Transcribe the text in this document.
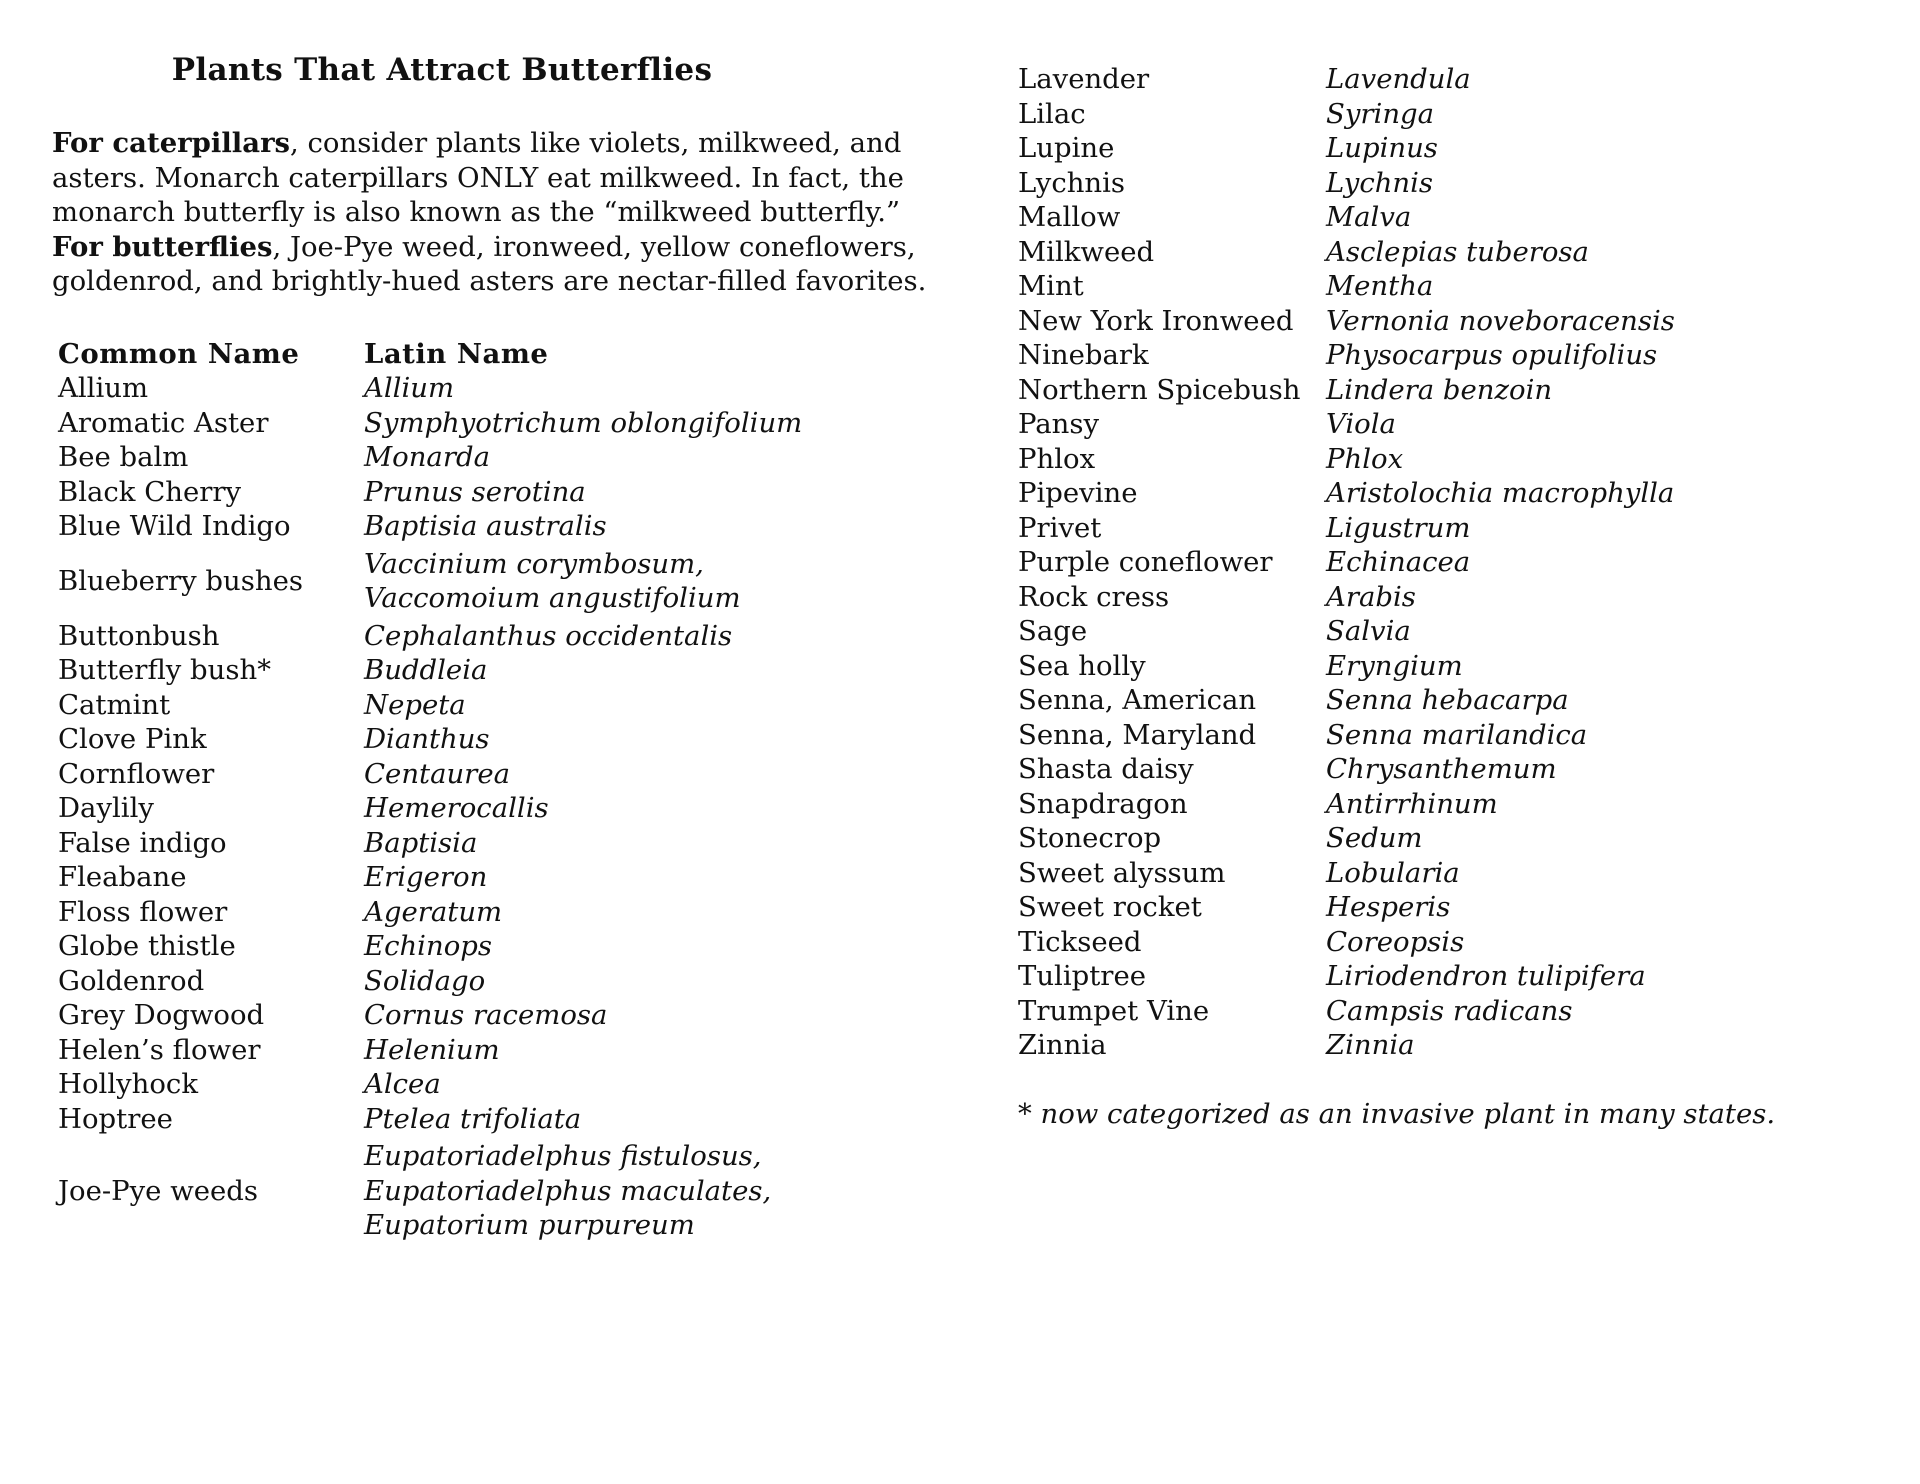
Plants That Attract Butterflies
For caterpillars, consider plants like violets, milkweed, and asters. Monarch caterpillars ONLY eat milkweed. In fact, the monarch butterfly is also known as the “milkweed butterfly.” For butterflies, Joe-Pye weed, ironweed, yellow coneflowers, goldenrod, and brightly-hued asters are nectar-filled favorites.
Common Name	Latin Name
Allium	Allium

Aromatic Aster	Symphyotrichum oblongifolium

Bee balm	Monarda

Black Cherry	Prunus serotina

Blue Wild Indigo	Baptisia australis

Blueberry bushes	Vaccinium corymbosum,
Vaccomoium angustifolium

Buttonbush	Cephalanthus occidentalis

Butterfly bush*	Buddleia

Catmint	Nepeta

Clove Pink	Dianthus

Cornflower	Centaurea

Daylily	Hemerocallis

False indigo	Baptisia

Fleabane	Erigeron

Floss flower	Ageratum

Globe thistle	Echinops

Goldenrod	Solidago

Grey Dogwood	Cornus racemosa

Helen’s flower	Helenium

Hollyhock	Alcea

Hoptree	Ptelea trifoliata

Joe-Pye weeds	Eupatoriadelphus fistulosus,
Eupatoriadelphus maculates,
Eupatorium purpureum
Lavender	Lavendula

Lilac	Syringa

Lupine	Lupinus

Lychnis	Lychnis

Mallow	Malva

Milkweed	Asclepias tuberosa

Mint	Mentha

New York Ironweed	Vernonia noveboracensis

Ninebark	Physocarpus opulifolius

Northern Spicebush	Lindera benzoin

Pansy	Viola

Phlox	Phlox

Pipevine	Aristolochia macrophylla

Privet	Ligustrum

Purple coneflower	Echinacea

Rock cress	Arabis

Sage	Salvia

Sea holly	Eryngium

Senna, American	Senna hebacarpa

Senna, Maryland	Senna marilandica

Shasta daisy	Chrysanthemum

Snapdragon	Antirrhinum

Stonecrop	Sedum

Sweet alyssum	Lobularia

Sweet rocket	Hesperis

Tickseed	Coreopsis

Tuliptree	Liriodendron tulipifera

Trumpet Vine	Campsis radicans

Zinnia	Zinnia
* now categorized as an invasive plant in many states.
